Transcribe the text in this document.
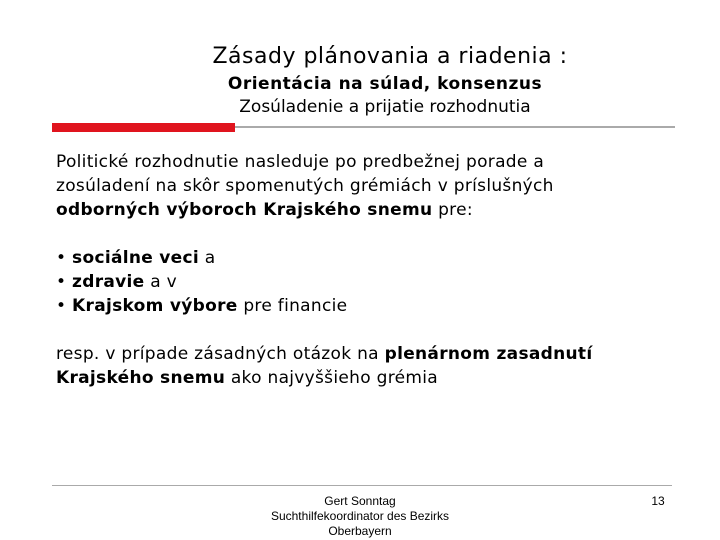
Zásady plánovania a riadenia :
Orientácia na súlad, konsenzus
Zosúladenie a prijatie rozhodnutia
Politické rozhodnutie nasleduje po predbežnej porade a
zosúladení na skôr spomenutých grémiách v príslušných
odborných výboroch Krajského snemu pre:
• sociálne veci a
• zdravie a v
• Krajskom výbore pre financie
resp. v prípade zásadných otázok na plenárnom zasadnutí
Krajského snemu ako najvyššieho grémia
Gert Sonntag
Suchthilfekoordinator des Bezirks
Oberbayern
13
